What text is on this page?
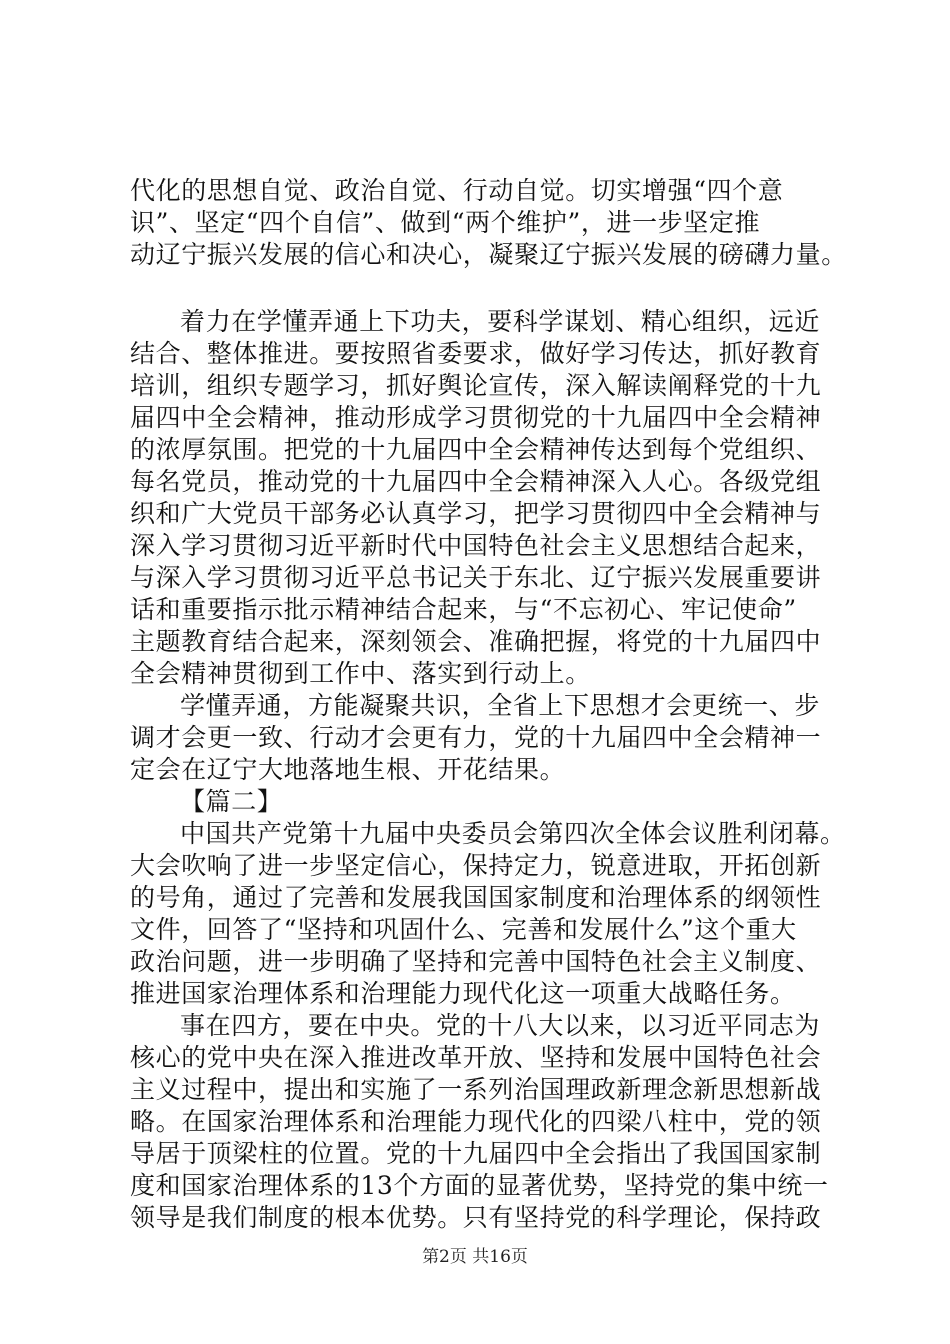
代化的思想自觉、政治自觉、行动自觉。切实增强“四个意
识”、坚定“四个自信”、做到“两个维护”，进一步坚定推
动辽宁振兴发展的信心和决心，凝聚辽宁振兴发展的磅礴力量。
着力在学懂弄通上下功夫，要科学谋划、精心组织，远近
结合、整体推进。要按照省委要求，做好学习传达，抓好教育
培训，组织专题学习，抓好舆论宣传，深入解读阐释党的十九
届四中全会精神，推动形成学习贯彻党的十九届四中全会精神
的浓厚氛围。把党的十九届四中全会精神传达到每个党组织、
每名党员，推动党的十九届四中全会精神深入人心。各级党组
织和广大党员干部务必认真学习，把学习贯彻四中全会精神与
深入学习贯彻习近平新时代中国特色社会主义思想结合起来，
与深入学习贯彻习近平总书记关于东北、辽宁振兴发展重要讲
话和重要指示批示精神结合起来，与“不忘初心、牢记使命”
主题教育结合起来，深刻领会、准确把握，将党的十九届四中
全会精神贯彻到工作中、落实到行动上。
学懂弄通，方能凝聚共识，全省上下思想才会更统一、步
调才会更一致、行动才会更有力，党的十九届四中全会精神一
定会在辽宁大地落地生根、开花结果。
【篇二】
中国共产党第十九届中央委员会第四次全体会议胜利闭幕。
大会吹响了进一步坚定信心，保持定力，锐意进取，开拓创新
的号角，通过了完善和发展我国国家制度和治理体系的纲领性
文件，回答了“坚持和巩固什么、完善和发展什么”这个重大
政治问题，进一步明确了坚持和完善中国特色社会主义制度、
推进国家治理体系和治理能力现代化这一项重大战略任务。
事在四方，要在中央。党的十八大以来，以习近平同志为
核心的党中央在深入推进改革开放、坚持和发展中国特色社会
主义过程中，提出和实施了一系列治国理政新理念新思想新战
略。在国家治理体系和治理能力现代化的四梁八柱中，党的领
导居于顶梁柱的位置。党的十九届四中全会指出了我国国家制
度和国家治理体系的13个方面的显著优势，坚持党的集中统一
领导是我们制度的根本优势。只有坚持党的科学理论，保持政
第2页 共16页
